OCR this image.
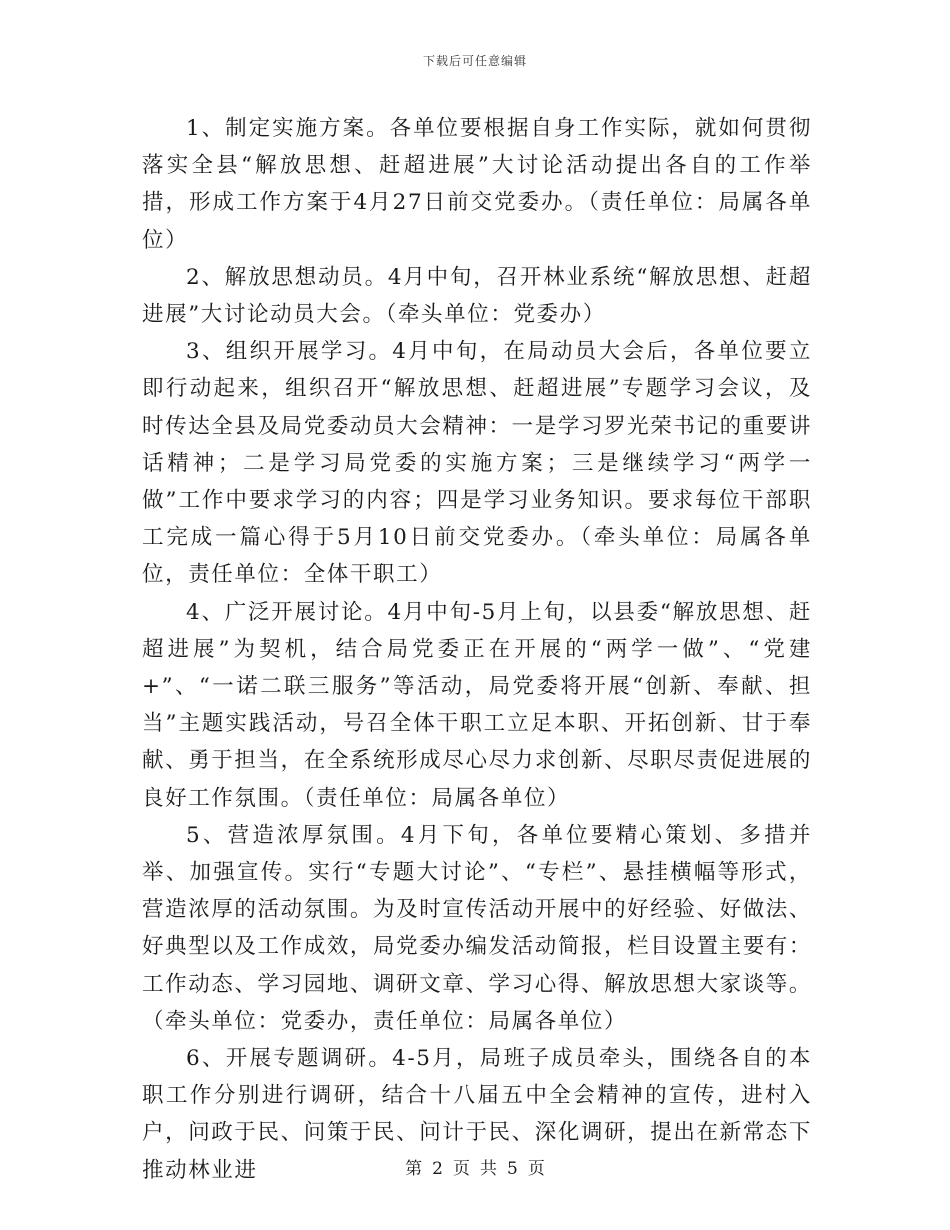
下载后可任意编辑

1、制定实施方案。各单位要根据自身工作实际，就如何贯彻落实全县“解放思想、赶超进展”大讨论活动提出各自的工作举措，形成工作方案于4月27日前交党委办。（责任单位：局属各单位）

2、解放思想动员。4月中旬，召开林业系统“解放思想、赶超进展”大讨论动员大会。（牵头单位：党委办）

3、组织开展学习。4月中旬，在局动员大会后，各单位要立即行动起来，组织召开“解放思想、赶超进展”专题学习会议，及时传达全县及局党委动员大会精神：一是学习罗光荣书记的重要讲话精神；二是学习局党委的实施方案；三是继续学习“两学一做”工作中要求学习的内容；四是学习业务知识。要求每位干部职工完成一篇心得于5月10日前交党委办。（牵头单位：局属各单位，责任单位：全体干职工）

4、广泛开展讨论。4月中旬-5月上旬，以县委“解放思想、赶超进展”为契机，结合局党委正在开展的“两学一做”、“党建+”、“一诺二联三服务”等活动，局党委将开展“创新、奉献、担当”主题实践活动，号召全体干职工立足本职、开拓创新、甘于奉献、勇于担当，在全系统形成尽心尽力求创新、尽职尽责促进展的良好工作氛围。（责任单位：局属各单位）

5、营造浓厚氛围。4月下旬，各单位要精心策划、多措并举、加强宣传。实行“专题大讨论”、“专栏”、悬挂横幅等形式，营造浓厚的活动氛围。为及时宣传活动开展中的好经验、好做法、好典型以及工作成效，局党委办编发活动简报，栏目设置主要有：工作动态、学习园地、调研文章、学习心得、解放思想大家谈等。（牵头单位：党委办，责任单位：局属各单位）

6、开展专题调研。4-5月，局班子成员牵头，围绕各自的本职工作分别进行调研，结合十八届五中全会精神的宣传，进村入户，问政于民、问策于民、问计于民、深化调研，提出在新常态下推动林业进	第 2 页 共 5 页
